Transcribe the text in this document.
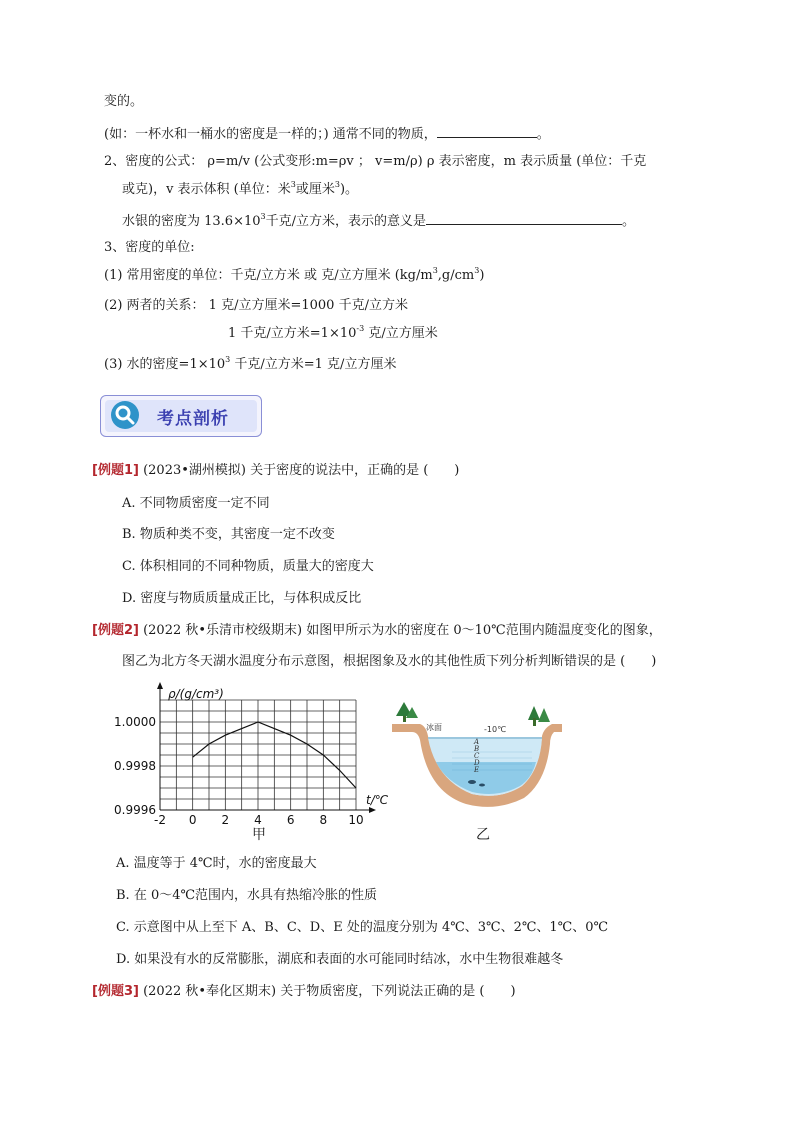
变的。
(如：一杯水和一桶水的密度是一样的；) 通常不同的物质，	。
2、密度的公式： ρ=m/v (公式变形:m=ρv ； v=m/ρ) ρ 表示密度，m 表示质量 (单位：千克
或克)，v 表示体积 (单位：米$^3$或厘米$^3$)。
水银的密度为 $13.6\times 10^3$千克/立方米，表示的意义是	。
3、密度的单位:
(1) 常用密度的单位：千克/立方米 或 克/立方厘米 $(kg/m^3,g/cm^3)$
(2) 两者的关系： 1 克/立方厘米=1000 千克/立方米
1 千克/立方米$=1\times 10^{-3}$ 克/立方厘米
(3) 水的密度$=1\times 10^3$ 千克/立方米=1 克/立方厘米
考点剖析
[例题1] (2023•湖州模拟) 关于密度的说法中，正确的是 (　　)
A. 不同物质密度一定不同
B. 物质种类不变，其密度一定不改变
C. 体积相同的不同种物质，质量大的密度大
D. 密度与物质质量成正比，与体积成反比
[例题2] (2022 秋•乐清市校级期末) 如图甲所示为水的密度在 0～10℃范围内随温度变化的图象，
图乙为北方冬天湖水温度分布示意图，根据图象及水的其他性质下列分析判断错误的是 (　　)
-2 0 2 4 6 8 10
1.0000
0.9998
0.9996
ρ/(g/cm³)
t/℃
甲
冰面	-10℃
A
B
C
D
E
乙
A. 温度等于 4℃时，水的密度最大
B. 在 0～4℃范围内，水具有热缩冷胀的性质
C. 示意图中从上至下 A、B、C、D、E 处的温度分别为 4℃、3℃、2℃、1℃、0℃
D. 如果没有水的反常膨胀，湖底和表面的水可能同时结冰，水中生物很难越冬
[例题3] (2022 秋•奉化区期末) 关于物质密度，下列说法正确的是 (　　)
